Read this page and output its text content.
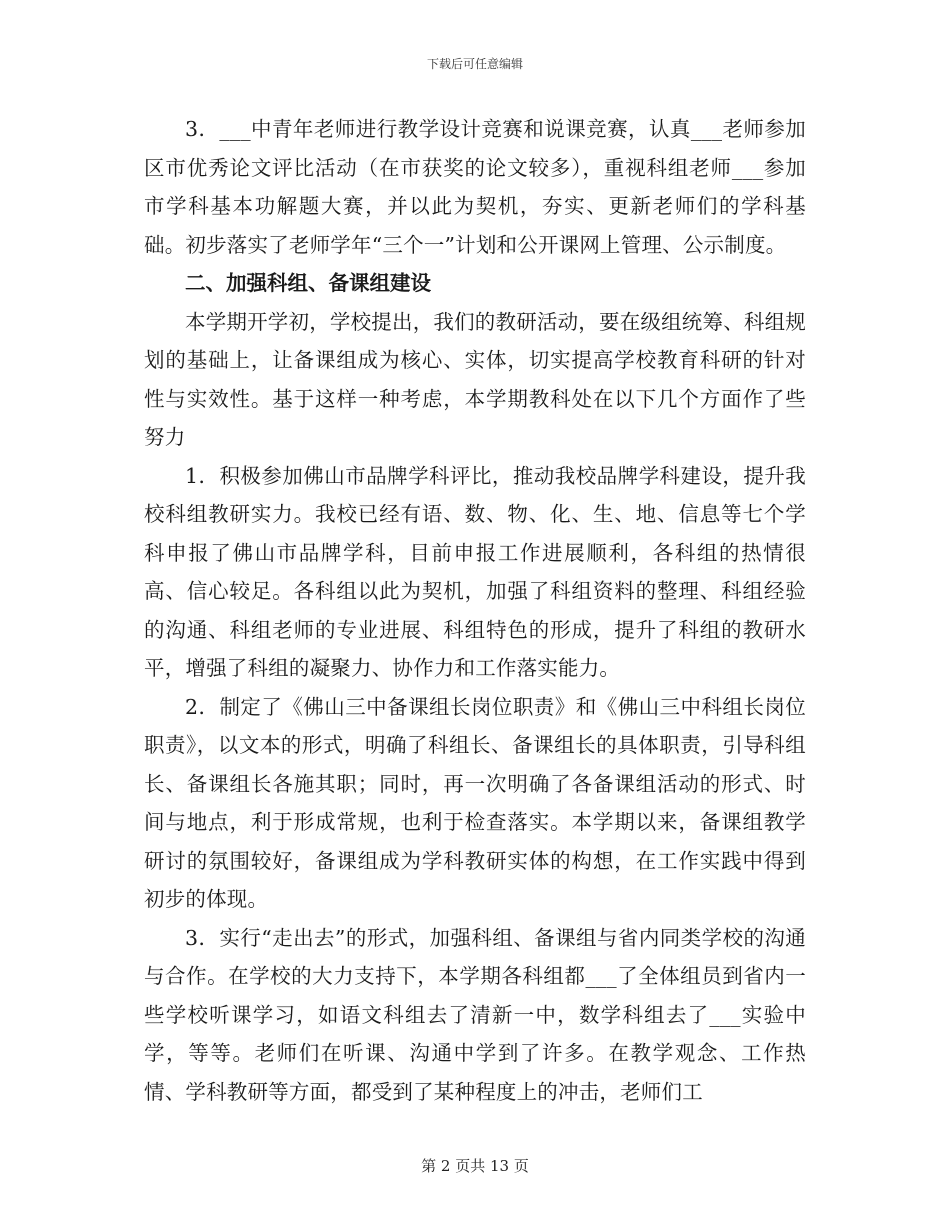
下载后可任意编辑

3．___中青年老师进行教学设计竞赛和说课竞赛，认真___老师参加区市优秀论文评比活动（在市获奖的论文较多），重视科组老师___参加市学科基本功解题大赛，并以此为契机，夯实、更新老师们的学科基础。初步落实了老师学年“三个一”计划和公开课网上管理、公示制度。

二、加强科组、备课组建设

本学期开学初，学校提出，我们的教研活动，要在级组统筹、科组规划的基础上，让备课组成为核心、实体，切实提高学校教育科研的针对性与实效性。基于这样一种考虑，本学期教科处在以下几个方面作了些努力

1．积极参加佛山市品牌学科评比，推动我校品牌学科建设，提升我校科组教研实力。我校已经有语、数、物、化、生、地、信息等七个学科申报了佛山市品牌学科，目前申报工作进展顺利，各科组的热情很高、信心较足。各科组以此为契机，加强了科组资料的整理、科组经验的沟通、科组老师的专业进展、科组特色的形成，提升了科组的教研水平，增强了科组的凝聚力、协作力和工作落实能力。

2．制定了《佛山三中备课组长岗位职责》和《佛山三中科组长岗位职责》，以文本的形式，明确了科组长、备课组长的具体职责，引导科组长、备课组长各施其职；同时，再一次明确了各备课组活动的形式、时间与地点，利于形成常规，也利于检查落实。本学期以来，备课组教学研讨的氛围较好，备课组成为学科教研实体的构想，在工作实践中得到初步的体现。

3．实行“走出去”的形式，加强科组、备课组与省内同类学校的沟通与合作。在学校的大力支持下，本学期各科组都___了全体组员到省内一些学校听课学习，如语文科组去了清新一中，数学科组去了___实验中学，等等。老师们在听课、沟通中学到了许多。在教学观念、工作热情、学科教研等方面，都受到了某种程度上的冲击，老师们工

第 2 页共 13 页
